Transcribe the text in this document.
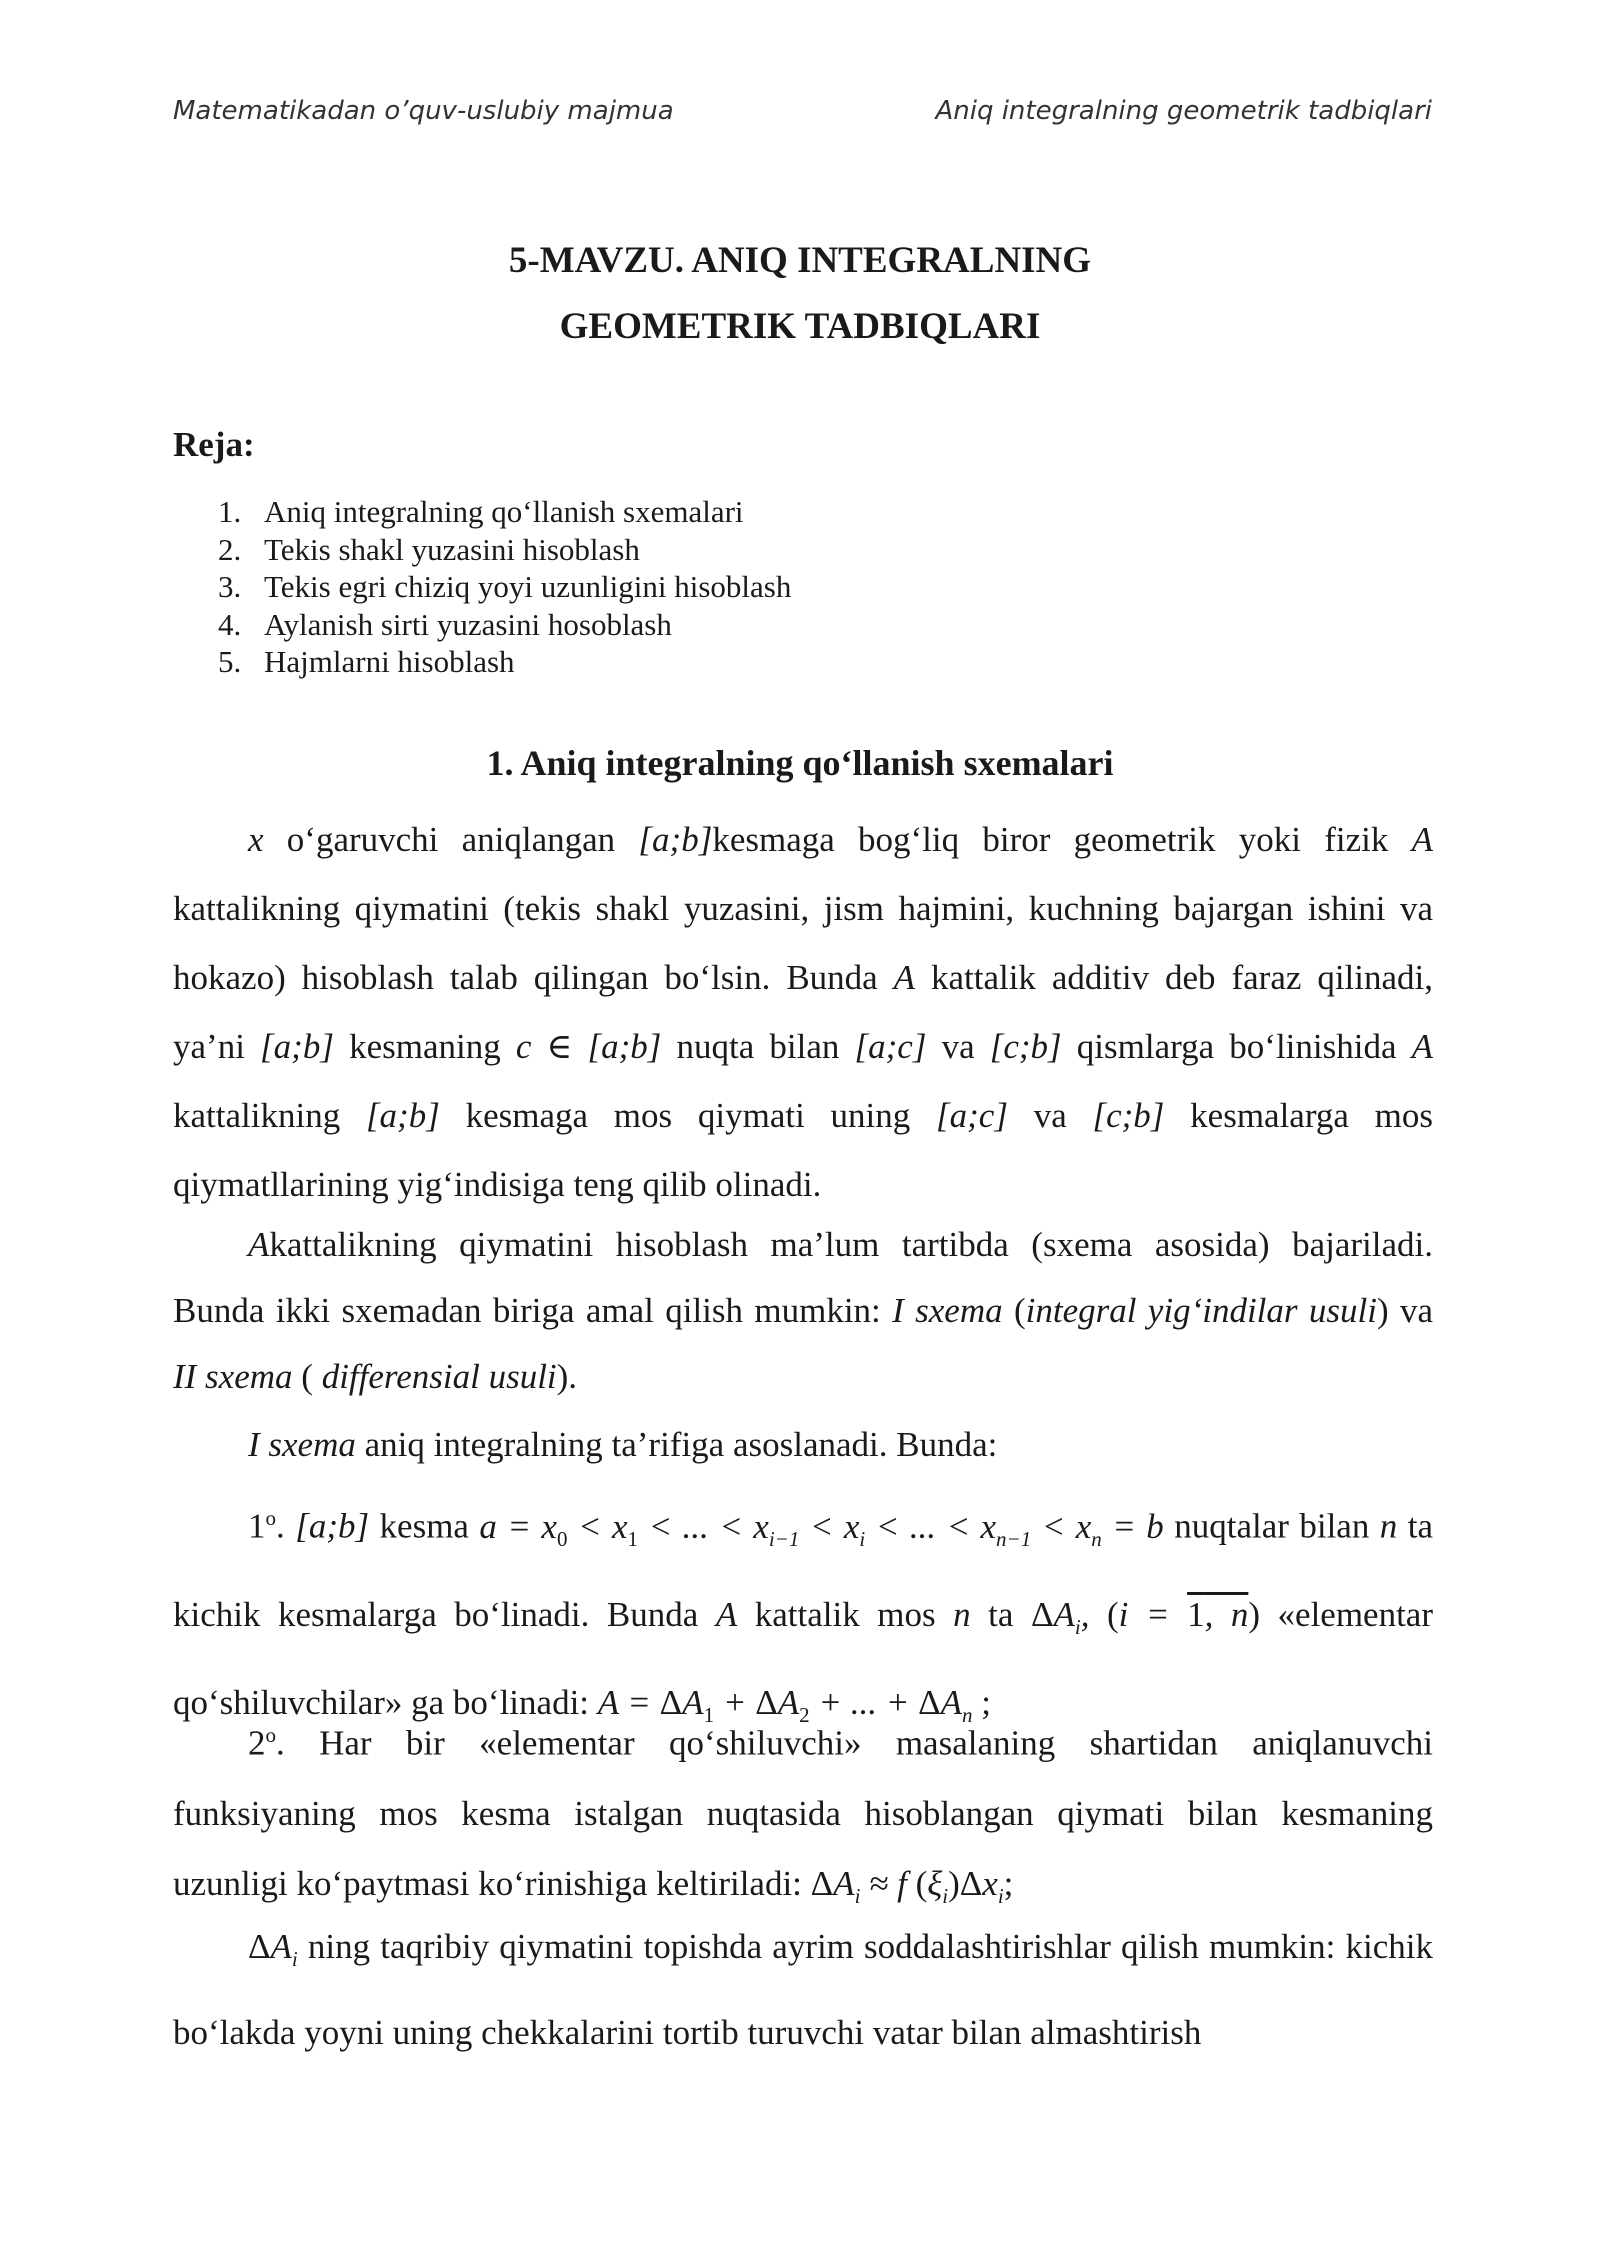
Matematikadan o’quv-uslubiy majmua	Aniq integralning geometrik tadbiqlari
5-MAVZU. ANIQ INTEGRALNING
GEOMETRIK TADBIQLARI
Reja:
1. Aniq integralning qo‘llanish sxemalari
2. Tekis shakl yuzasini hisoblash
3. Tekis egri chiziq yoyi uzunligini hisoblash
4. Aylanish sirti yuzasini hosoblash
5. Hajmlarni hisoblash
1. Aniq integralning qo‘llanish sxemalari

x o‘garuvchi aniqlangan [a;b]kesmaga bog‘liq biror geometrik yoki fizik A kattalikning qiymatini (tekis shakl yuzasini, jism hajmini, kuchning bajargan ishini va hokazo) hisoblash talab qilingan bo‘lsin. Bunda A kattalik additiv deb faraz qilinadi, ya’ni [a;b] kesmaning c ∈ [a;b] nuqta bilan [a;c] va [c;b] qismlarga bo‘linishida A kattalikning [a;b] kesmaga mos qiymati uning [a;c] va [c;b] kesmalarga mos qiymatllarining yig‘indisiga teng qilib olinadi.

Akattalikning qiymatini hisoblash ma’lum tartibda (sxema asosida) bajariladi. Bunda ikki sxemadan biriga amal qilish mumkin: I sxema (integral yig‘indilar usuli) va II sxema ( differensial usuli).

I sxema aniq integralning ta’rifiga asoslanadi. Bunda:

1$^o$. [a;b] kesma $a = x_0 < x_1$ < ... < $x_{i-1} < x_i$ < ... < $x_{n-1} < x_n = b$ nuqtalar bilan n ta kichik kesmalarga bo‘linadi. Bunda A kattalik mos n ta $\Delta A_i$, (i = 1, n) «elementar qo‘shiluvchilar» ga bo‘linadi: $A = \Delta A_1 + \Delta A_2$ + ... + $\Delta A_n$ ;

2$^o$. Har bir «elementar qo‘shiluvchi» masalaning shartidan aniqlanuvchi funksiyaning mos kesma istalgan nuqtasida hisoblangan qiymati bilan kesmaning uzunligi ko‘paytmasi ko‘rinishiga keltiriladi: $\Delta A_i \approx f$ $(\xi_i)\Delta x_i$;

$\Delta A_i$ ning taqribiy qiymatini topishda ayrim soddalashtirishlar qilish mumkin: kichik bo‘lakda yoyni uning chekkalarini tortib turuvchi vatar bilan almashtirish
